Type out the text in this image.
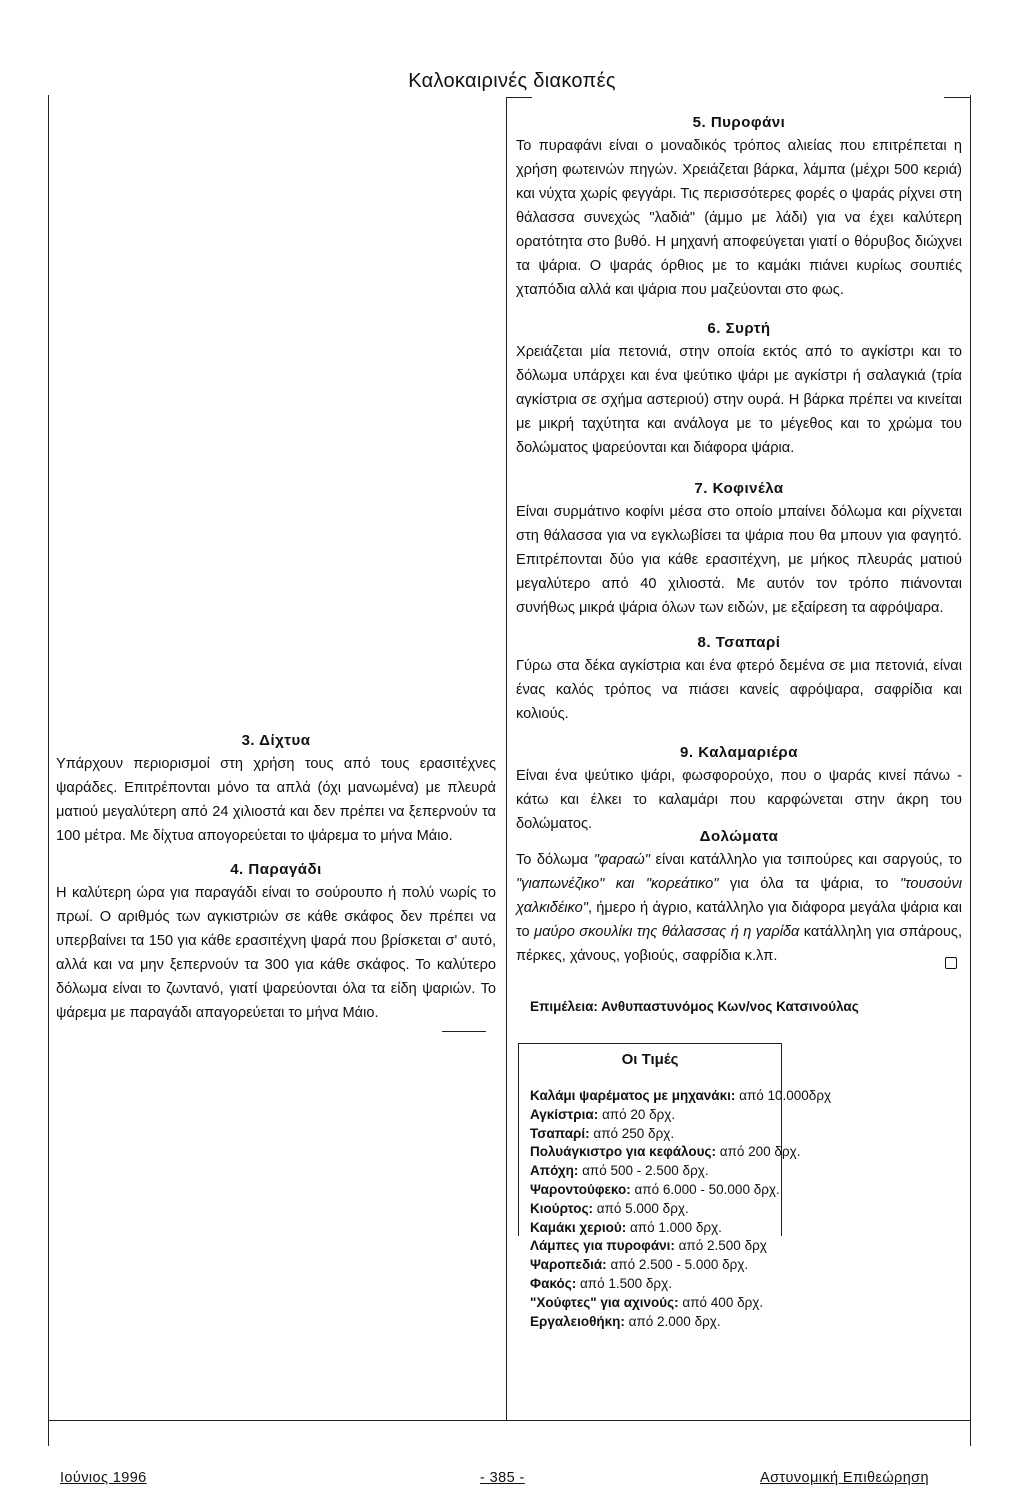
Καλοκαιρινές διακοπές
5. Πυροφάνι

Το πυραφάνι είναι ο μοναδικός τρόπος αλιείας που επιτρέπεται η χρήση φωτεινών πηγών. Χρειάζεται βάρκα, λάμπα (μέχρι 500 κεριά) και νύχτα χωρίς φεγγάρι. Τις περισσότερες φορές ο ψαράς ρίχνει στη θάλασσα συνεχώς "λαδιά" (άμμο με λάδι) για να έχει καλύτερη ορατότητα στο βυθό. Η μηχανή αποφεύγεται γιατί ο θόρυβος διώχνει τα ψάρια. Ο ψαράς όρθιος με το καμάκι πιάνει κυρίως σουπιές χταπόδια αλλά και ψάρια που μαζεύονται στο φως.

6. Συρτή

Χρειάζεται μία πετονιά, στην οποία εκτός από το αγκίστρι και το δόλωμα υπάρχει και ένα ψεύτικο ψάρι με αγκίστρι ή σαλαγκιά (τρία αγκίστρια σε σχήμα αστεριού) στην ουρά. Η βάρκα πρέπει να κινείται με μικρή ταχύτητα και ανάλογα με το μέγεθος και το χρώμα του δολώματος ψαρεύονται και διάφορα ψάρια.

7. Κοφινέλα

Είναι συρμάτινο κοφίνι μέσα στο οποίο μπαίνει δόλωμα και ρίχνεται στη θάλασσα για να εγκλωβίσει τα ψάρια που θα μπουν για φαγητό. Επιτρέπονται δύο για κάθε ερασιτέχνη, με μήκος πλευράς ματιού μεγαλύτερο από 40 χιλιοστά. Με αυτόν τον τρόπο πιάνονται συνήθως μικρά ψάρια όλων των ειδών, με εξαίρεση τα αφρόψαρα.

8. Τσαπαρί

Γύρω στα δέκα αγκίστρια και ένα φτερό δεμένα σε μια πετονιά, είναι ένας καλός τρόπος να πιάσει κανείς αφρόψαρα, σαφρίδια και κολιούς.

9. Καλαμαριέρα

Είναι ένα ψεύτικο ψάρι, φωσφορούχο, που ο ψαράς κινεί πάνω - κάτω και έλκει το καλαμάρι που καρφώνεται στην άκρη του δολώματος.

Δολώματα

Το δόλωμα "φαραώ" είναι κατάλληλο για τσιπούρες και σαργούς, το "γιαπωνέζικο" και "κορεάτικο" για όλα τα ψάρια, το "τουσούνι χαλκιδέικο", ήμερο ή άγριο, κατάλληλο για διάφορα μεγάλα ψάρια και το μαύρο σκουλίκι της θάλασσας ή η γαρίδα κατάλληλη για σπάρους, πέρκες, χάνους, γοβιούς, σαφρίδια κ.λπ.

Επιμέλεια: Ανθυπαστυνόμος Κων/νος Κατσινούλας
Οι Τιμές
Καλάμι ψαρέματος με μηχανάκι: από 10.000δρχ
Αγκίστρια: από 20 δρχ.
Τσαπαρί: από 250 δρχ.
Πολυάγκιστρο για κεφάλους: από 200 δρχ.
Απόχη: από 500 - 2.500 δρχ.
Ψαροντούφεκο: από 6.000 - 50.000 δρχ.
Κιούρτος: από 5.000 δρχ.
Καμάκι χεριού: από 1.000 δρχ.
Λάμπες για πυροφάνι: από 2.500 δρχ
Ψαροπεδιά: από 2.500 - 5.000 δρχ.
Φακός: από 1.500 δρχ.
"Χούφτες" για αχινούς: από 400 δρχ.
Εργαλειοθήκη: από 2.000 δρχ.
3. Δίχτυα

Υπάρχουν περιορισμοί στη χρήση τους από τους ερασιτέχνες ψαράδες. Επιτρέπονται μόνο τα απλά (όχι μανωμένα) με πλευρά ματιού μεγαλύτερη από 24 χιλιοστά και δεν πρέπει να ξεπερνούν τα 100 μέτρα. Με δίχτυα απογορεύεται το ψάρεμα το μήνα Μάιο.

4. Παραγάδι

Η καλύτερη ώρα για παραγάδι είναι το σούρουπο ή πολύ νωρίς το πρωί. Ο αριθμός των αγκιστριών σε κάθε σκάφος δεν πρέπει να υπερβαίνει τα 150 για κάθε ερασιτέχνη ψαρά που βρίσκεται σ' αυτό, αλλά και να μην ξεπερνούν τα 300 για κάθε σκάφος. Το καλύτερο δόλωμα είναι το ζωντανό, γιατί ψαρεύονται όλα τα είδη ψαριών. Το ψάρεμα με παραγάδι απαγορεύεται το μήνα Μάιο.

Ιούνιος 1996	- 385 -	Αστυνομική Επιθεώρηση
